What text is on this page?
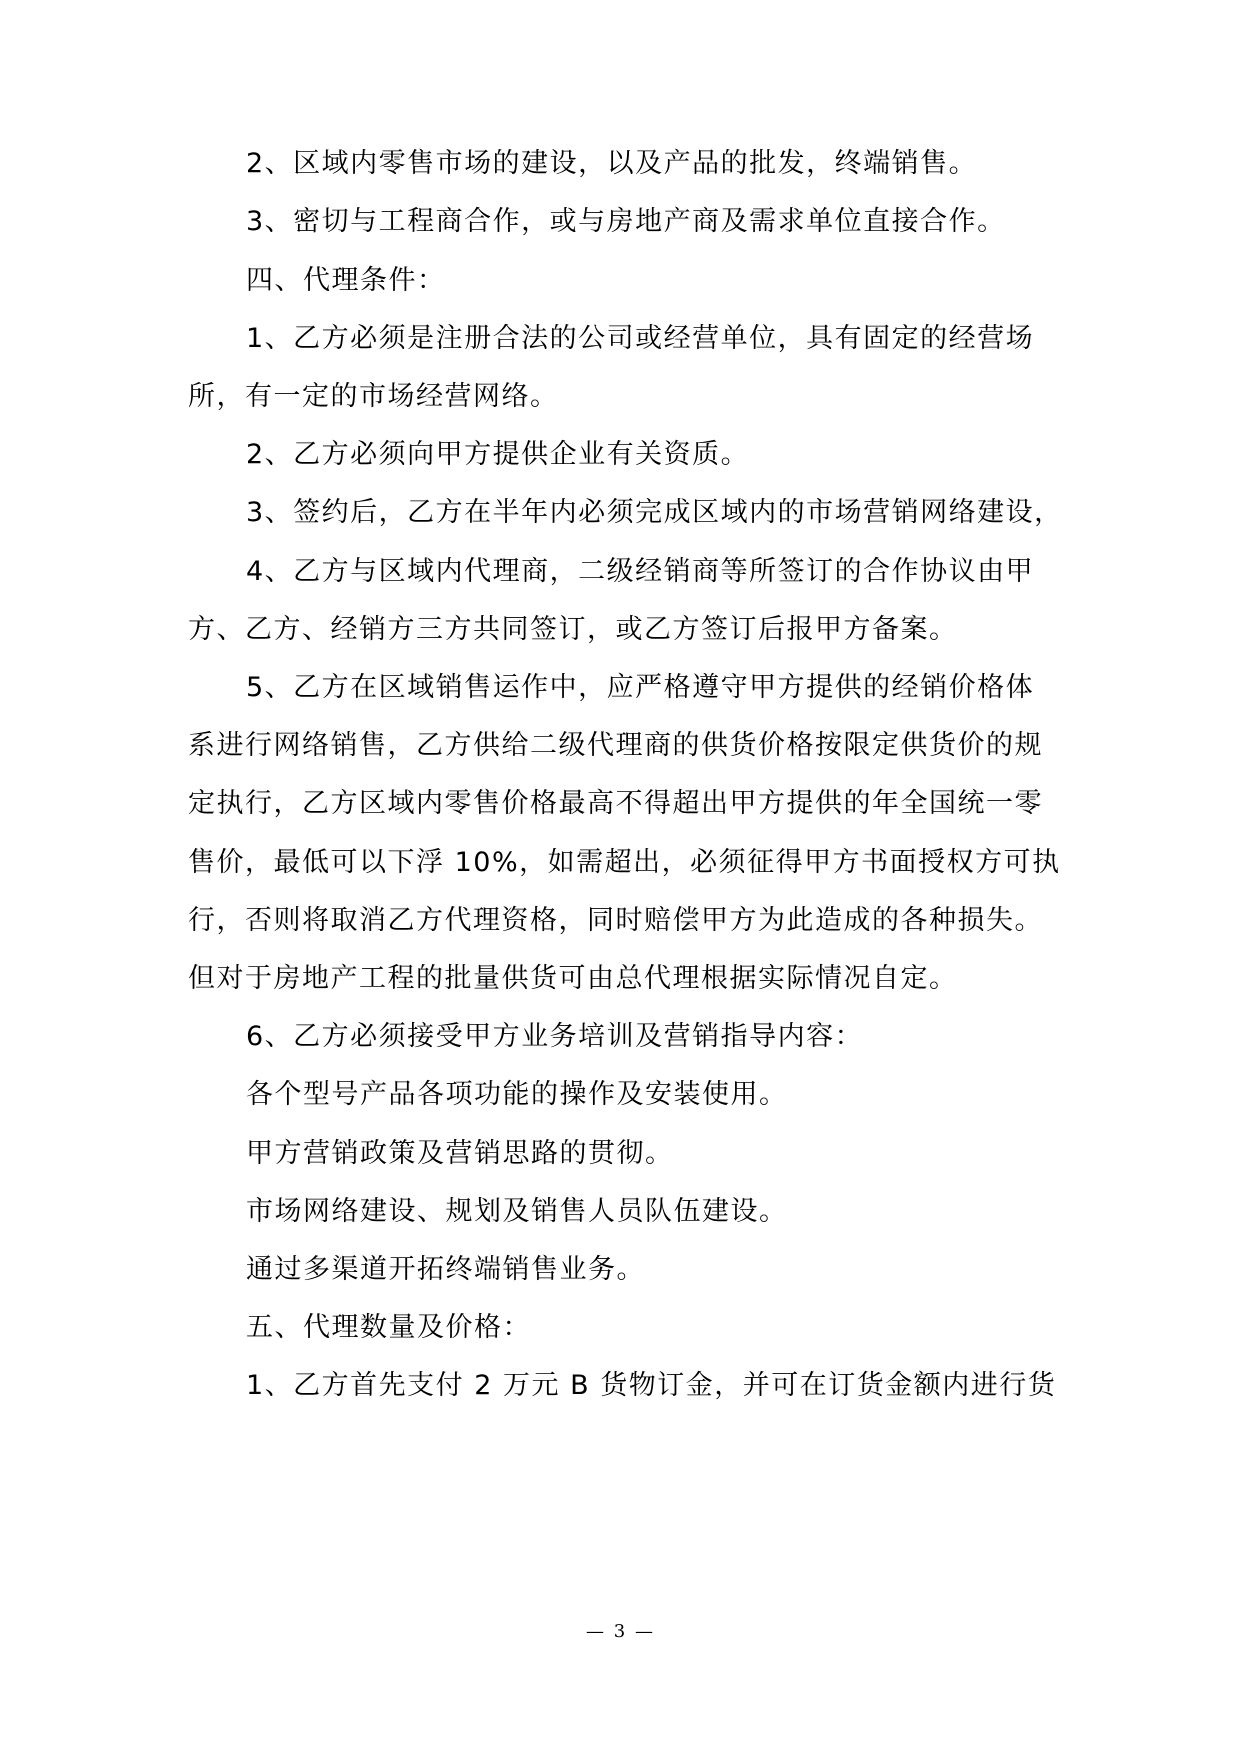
2、区域内零售市场的建设，以及产品的批发，终端销售。

3、密切与工程商合作，或与房地产商及需求单位直接合作。

四、代理条件：

1、乙方必须是注册合法的公司或经营单位，具有固定的经营场

所，有一定的市场经营网络。

2、乙方必须向甲方提供企业有关资质。

3、签约后，乙方在半年内必须完成区域内的市场营销网络建设，

4、乙方与区域内代理商，二级经销商等所签订的合作协议由甲

方、乙方、经销方三方共同签订，或乙方签订后报甲方备案。

5、乙方在区域销售运作中，应严格遵守甲方提供的经销价格体

系进行网络销售，乙方供给二级代理商的供货价格按限定供货价的规

定执行，乙方区域内零售价格最高不得超出甲方提供的年全国统一零

售价，最低可以下浮 10%，如需超出，必须征得甲方书面授权方可执

行，否则将取消乙方代理资格，同时赔偿甲方为此造成的各种损失。

但对于房地产工程的批量供货可由总代理根据实际情况自定。

6、乙方必须接受甲方业务培训及营销指导内容：

各个型号产品各项功能的操作及安装使用。

甲方营销政策及营销思路的贯彻。

市场网络建设、规划及销售人员队伍建设。

通过多渠道开拓终端销售业务。

五、代理数量及价格：

1、乙方首先支付 2 万元 B 货物订金，并可在订货金额内进行货

— 3 —
